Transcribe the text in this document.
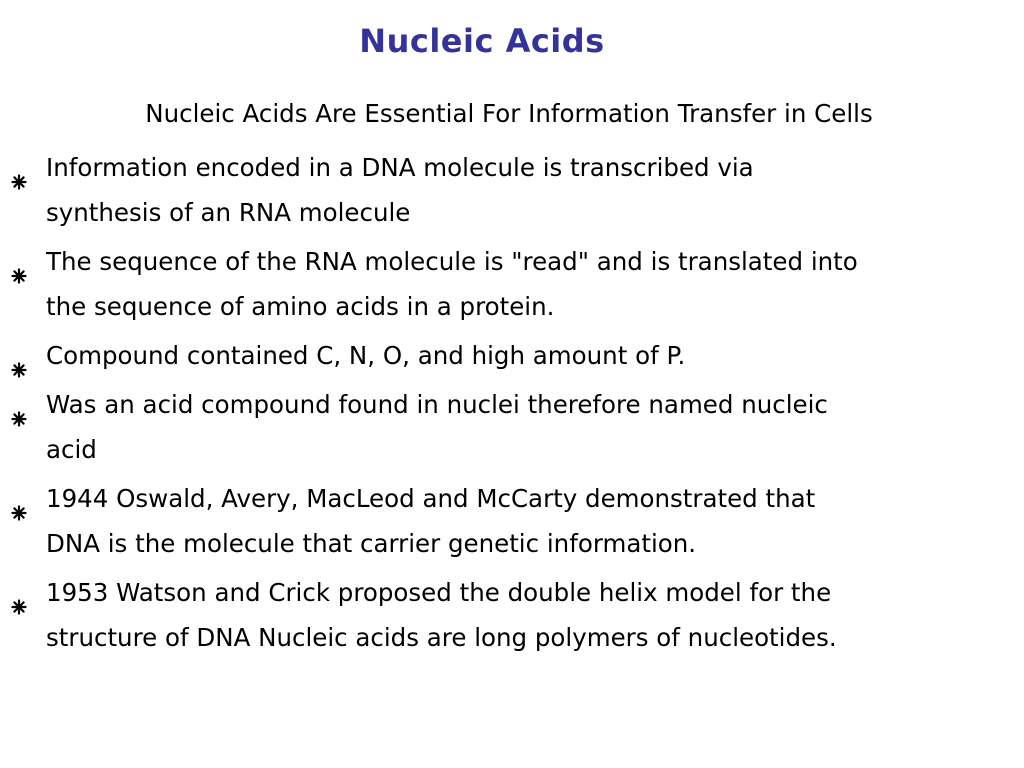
Nucleic Acids
Nucleic Acids Are Essential For Information Transfer in Cells
Information encoded in a DNA molecule is transcribed via
synthesis of an RNA molecule
The sequence of the RNA molecule is "read" and is translated into
the sequence of amino acids in a protein.
Compound contained C, N, O, and high amount of P.
Was an acid compound found in nuclei therefore named nucleic
acid
1944 Oswald, Avery, MacLeod and McCarty demonstrated that
DNA is the molecule that carrier genetic information.
1953 Watson and Crick proposed the double helix model for the
structure of DNA Nucleic acids are long polymers of nucleotides.
